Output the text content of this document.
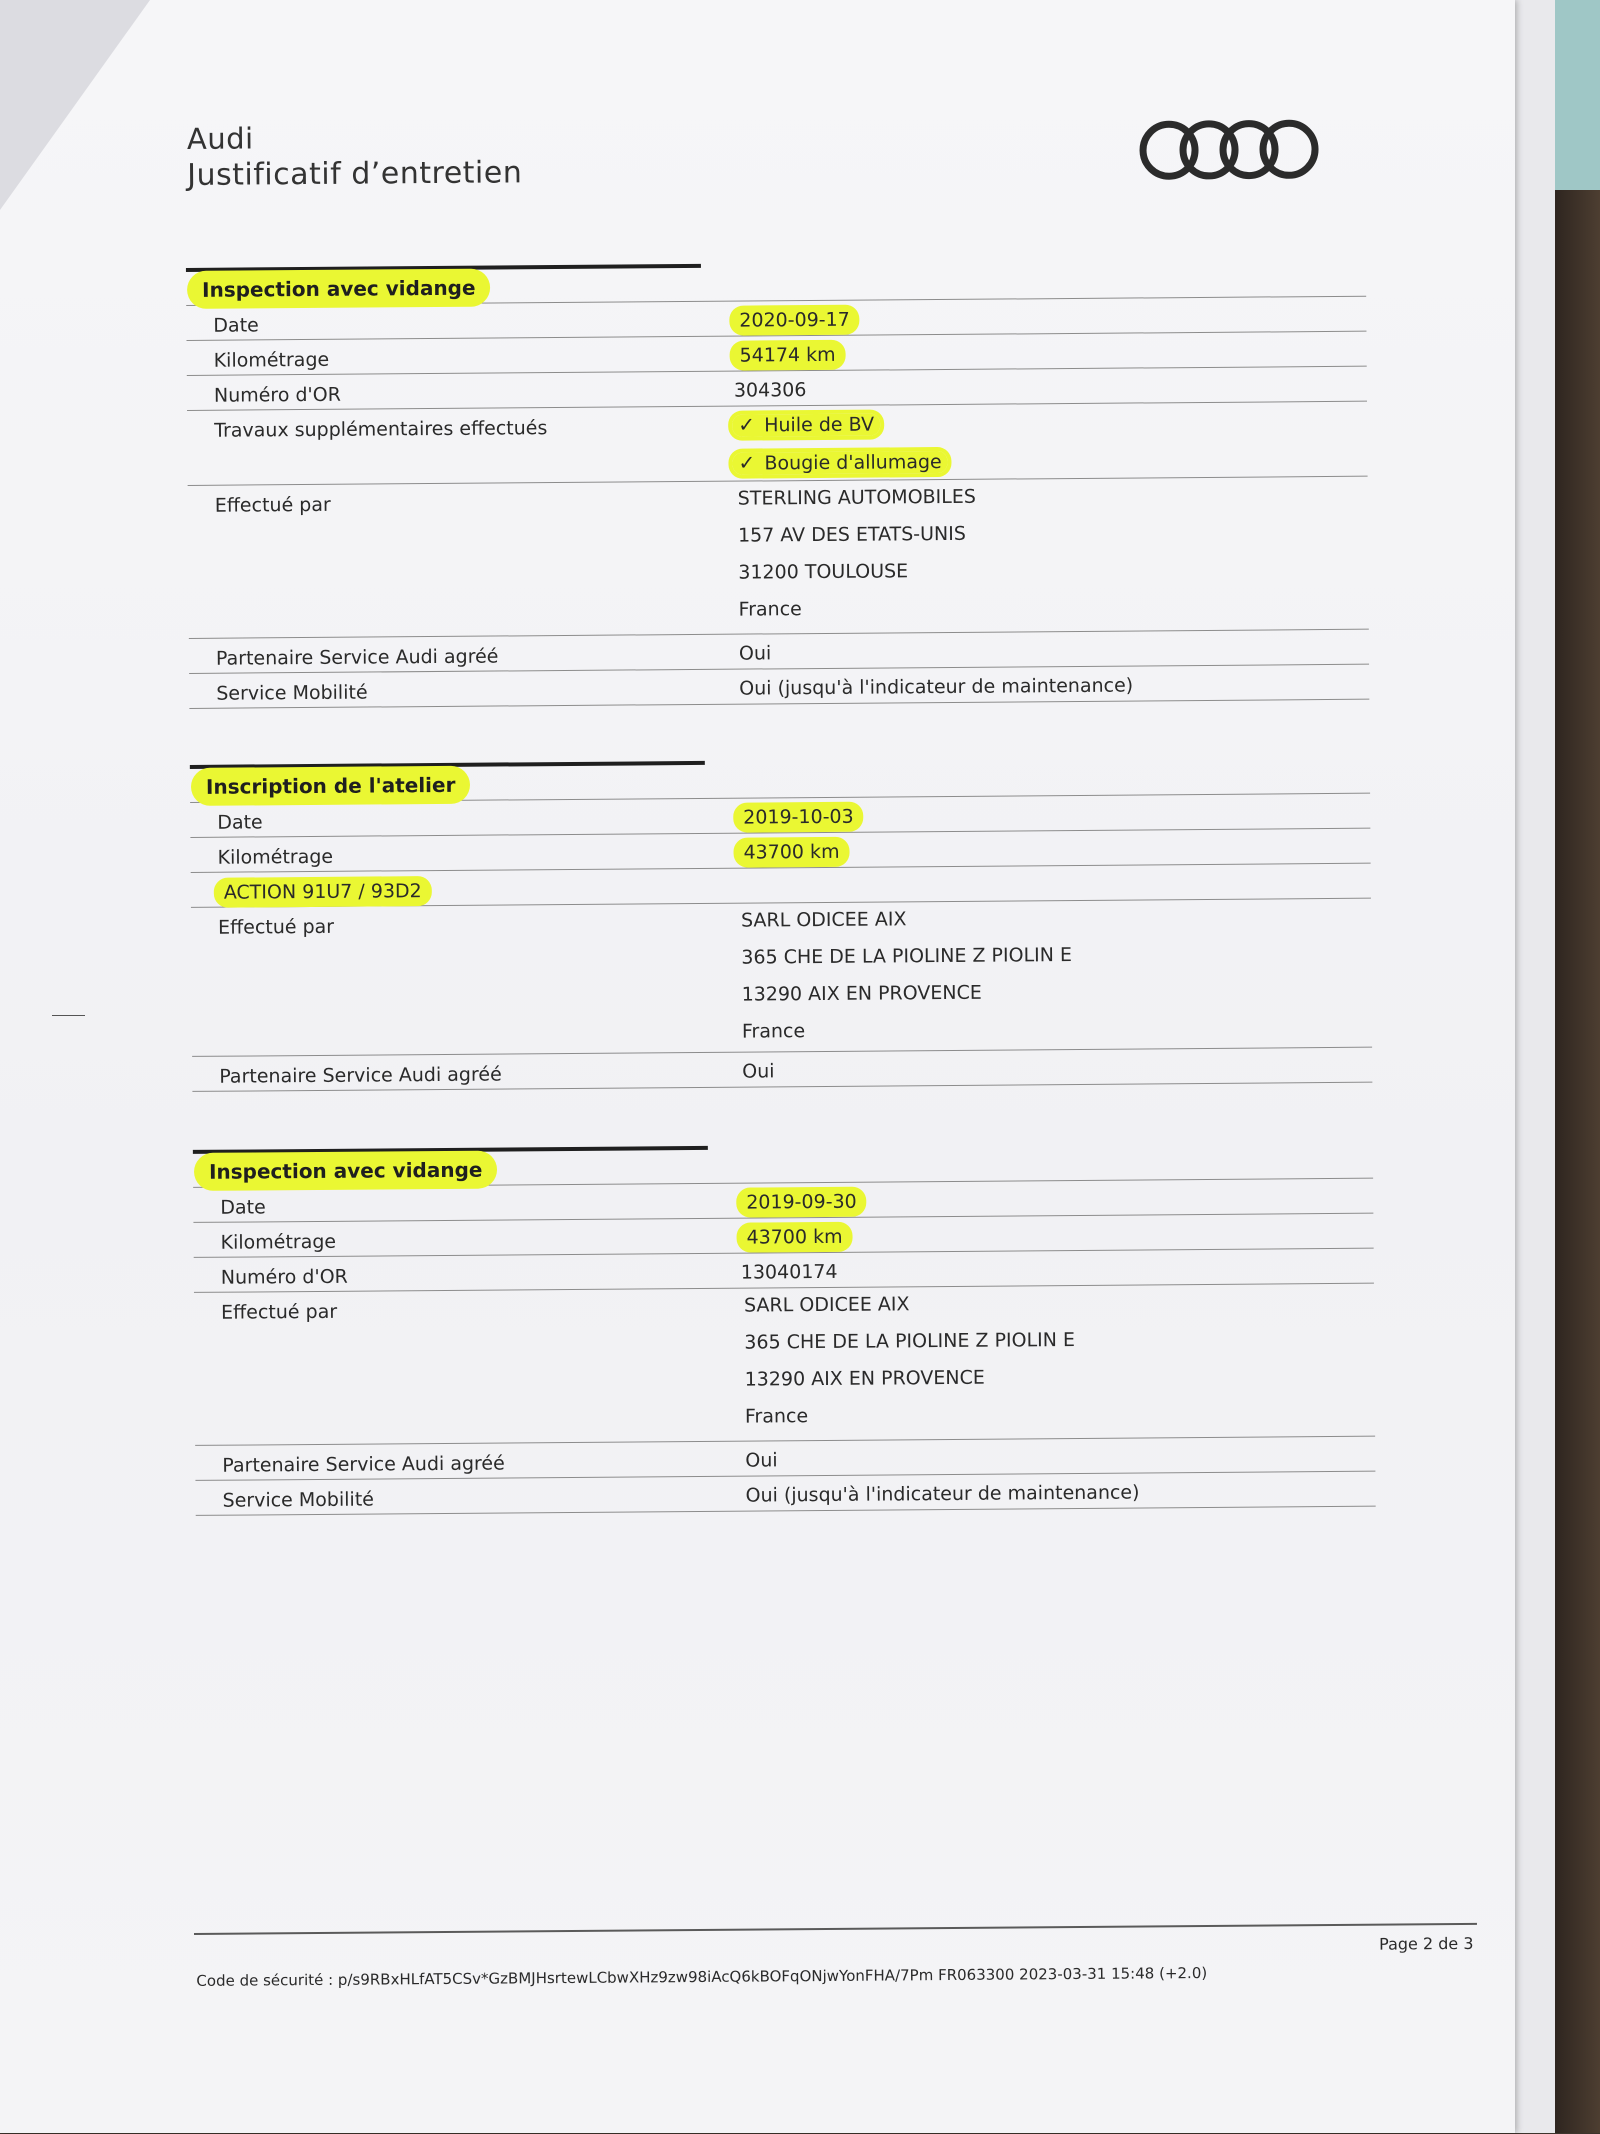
Audi
Justificatif d’entretien
Inspection avec vidange
Date	2020-09-17
Kilométrage	54174 km
Numéro d'OR	304306
Travaux supplémentaires effectués	✓ Huile de BV
✓ Bougie d'allumage
Effectué par	STERLING AUTOMOBILES
157 AV DES ETATS-UNIS
31200 TOULOUSE
France
Partenaire Service Audi agréé	Oui
Service Mobilité	Oui (jusqu'à l'indicateur de maintenance)
Inscription de l'atelier
Date	2019-10-03
Kilométrage	43700 km
ACTION 91U7 / 93D2
Effectué par	SARL ODICEE AIX
365 CHE DE LA PIOLINE Z PIOLIN E
13290 AIX EN PROVENCE
France
Partenaire Service Audi agréé	Oui
Inspection avec vidange
Date	2019-09-30
Kilométrage	43700 km
Numéro d'OR	13040174
Effectué par	SARL ODICEE AIX
365 CHE DE LA PIOLINE Z PIOLIN E
13290 AIX EN PROVENCE
France
Partenaire Service Audi agréé	Oui
Service Mobilité	Oui (jusqu'à l'indicateur de maintenance)
Code de sécurité : p/s9RBxHLfAT5CSv*GzBMJHsrtewLCbwXHz9zw98iAcQ6kBOFqONjwYonFHA/7Pm FR063300 2023-03-31 15:48 (+2.0)
Page 2 de 3
